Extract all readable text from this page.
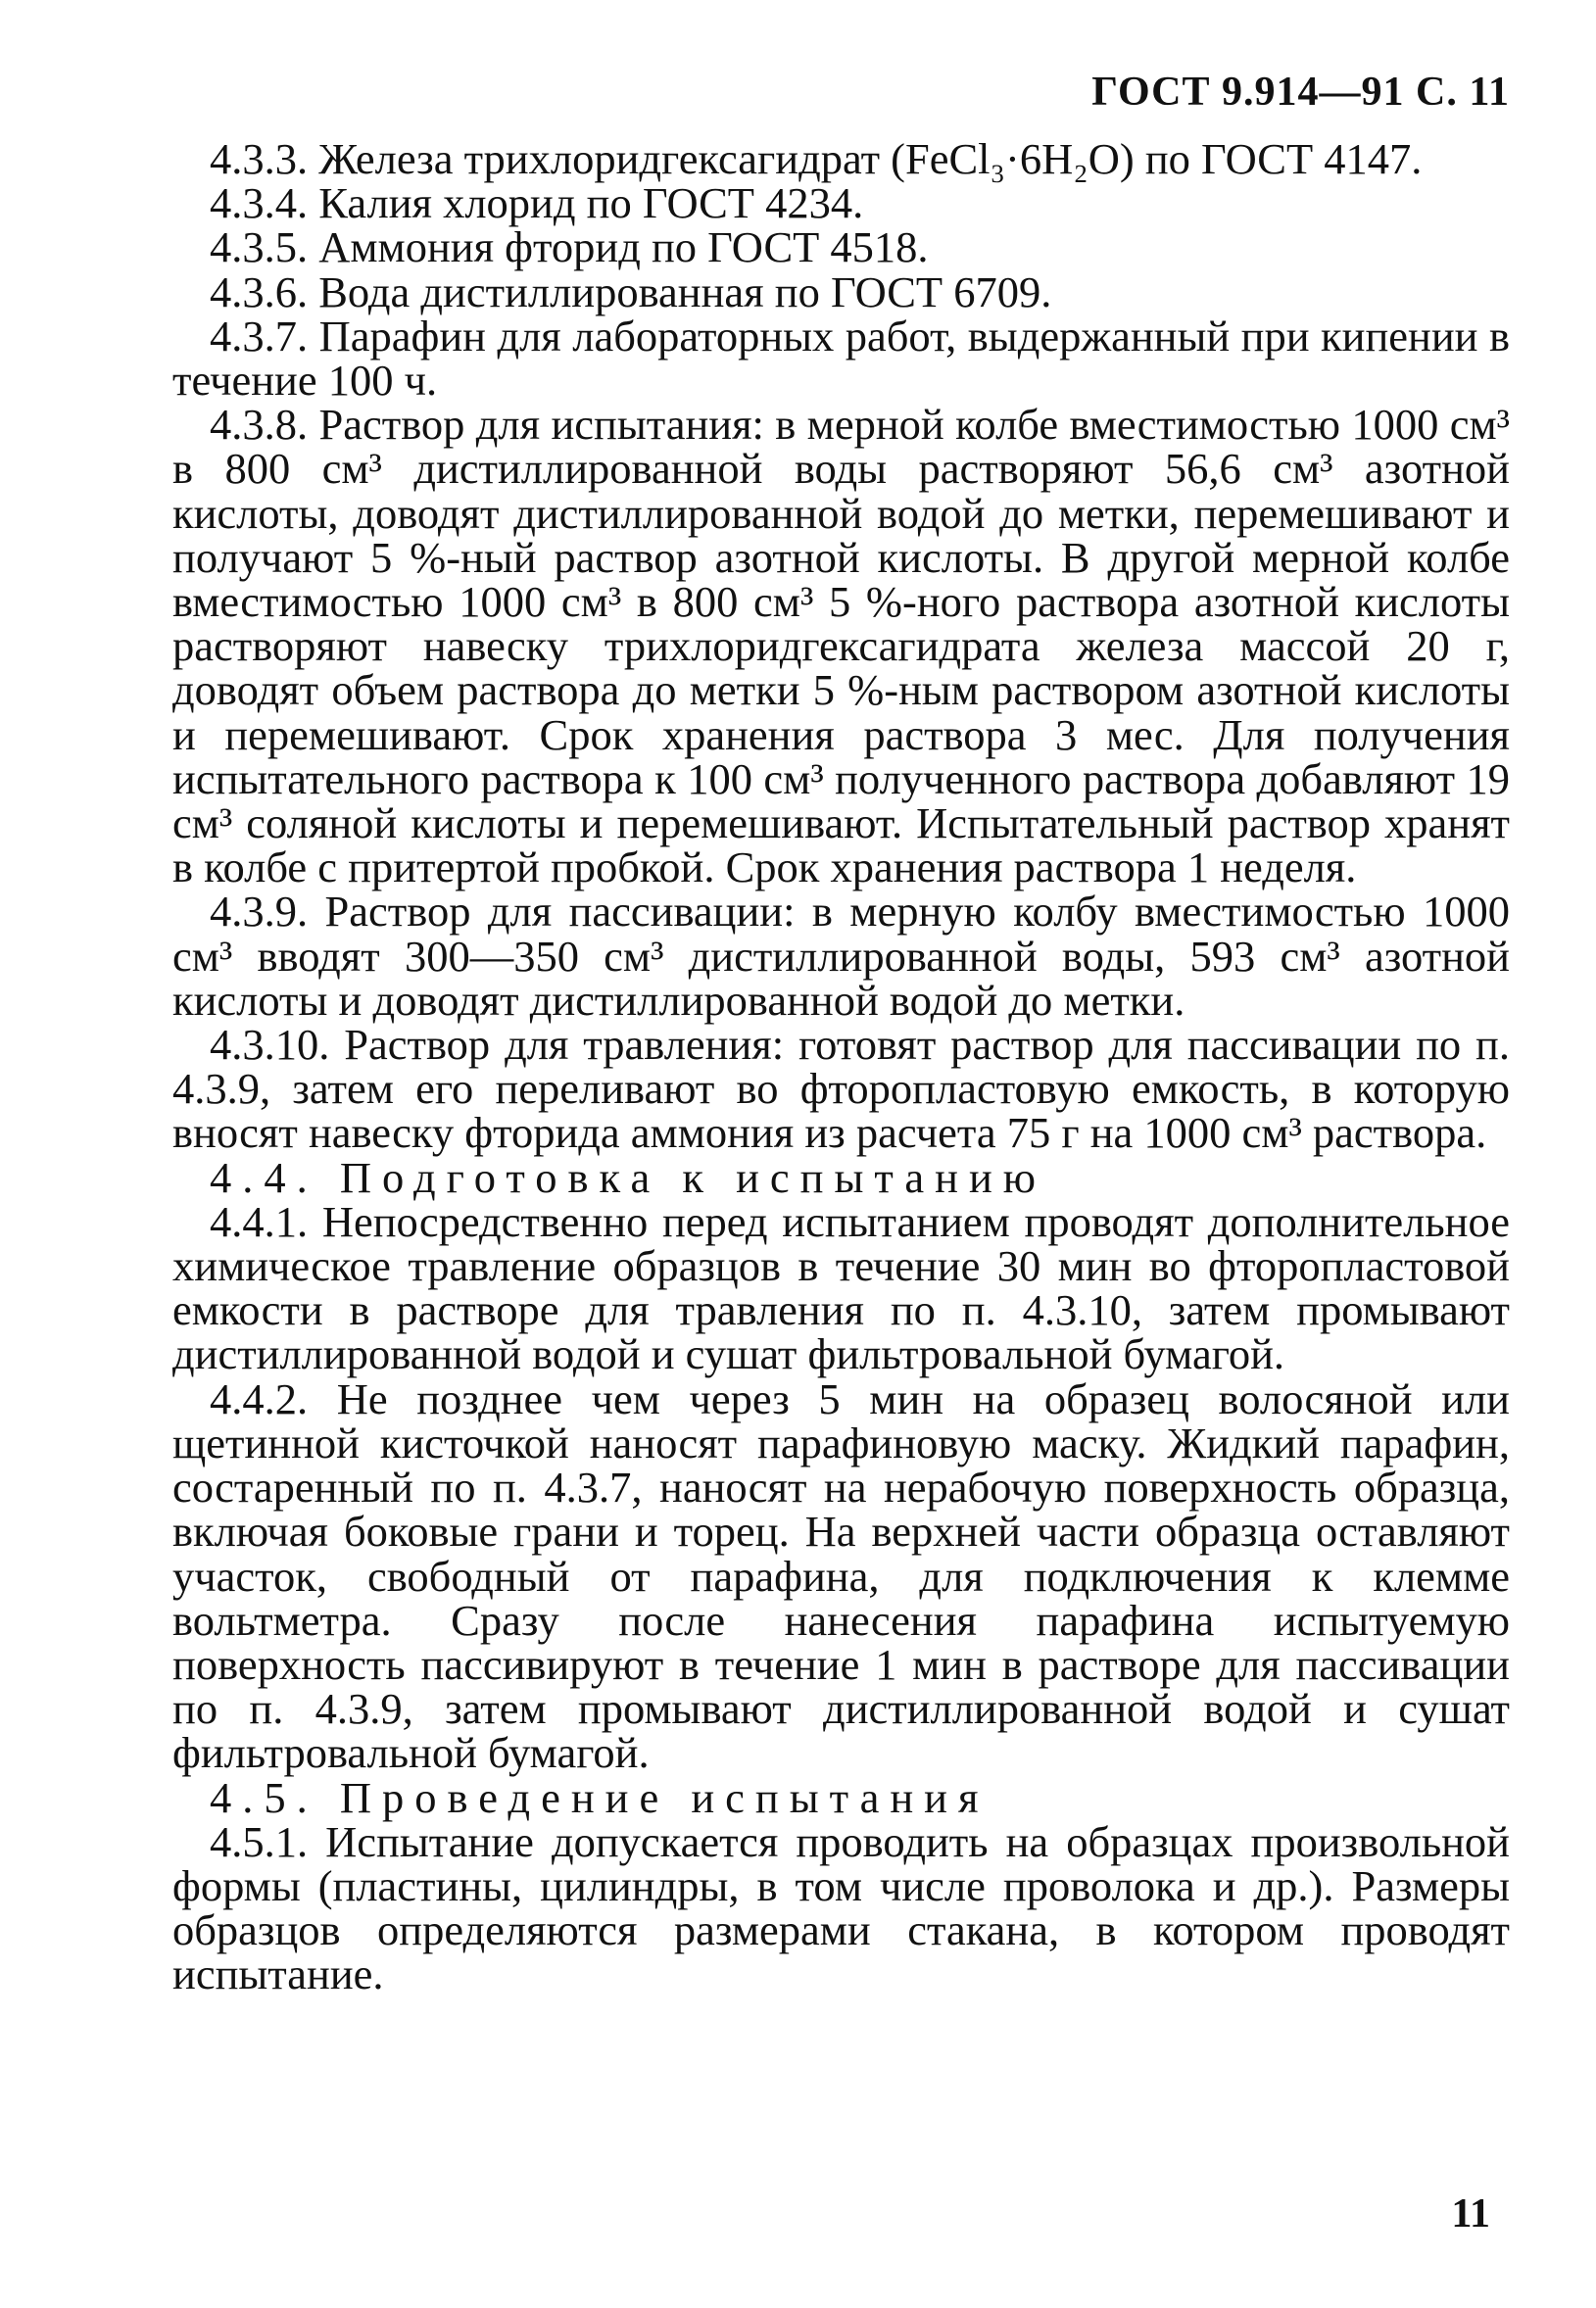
ГОСТ 9.914—91 С. 11

4.3.3. Железа трихлоридгексагидрат (FeCl₃·6H₂O) по ГОСТ 4147.

4.3.4. Калия хлорид по ГОСТ 4234.

4.3.5. Аммония фторид по ГОСТ 4518.

4.3.6. Вода дистиллированная по ГОСТ 6709.

4.3.7. Парафин для лабораторных работ, выдержанный при кипении в течение 100 ч.

4.3.8. Раствор для испытания: в мерной колбе вместимостью 1000 см³ в 800 см³ дистиллированной воды растворяют 56,6 см³ азотной кислоты, доводят дистиллированной водой до метки, перемешивают и получают 5 %-ный раствор азотной кислоты. В другой мерной колбе вместимостью 1000 см³ в 800 см³ 5 %-ного раствора азотной кислоты растворяют навеску трихлоридгексагидрата железа массой 20 г, доводят объем раствора до метки 5 %-ным раствором азотной кислоты и перемешивают. Срок хранения раствора 3 мес. Для получения испытательного раствора к 100 см³ полученного раствора добавляют 19 см³ соляной кислоты и перемешивают. Испытательный раствор хранят в колбе с притертой пробкой. Срок хранения раствора 1 неделя.

4.3.9. Раствор для пассивации: в мерную колбу вместимостью 1000 см³ вводят 300—350 см³ дистиллированной воды, 593 см³ азотной кислоты и доводят дистиллированной водой до метки.

4.3.10. Раствор для травления: готовят раствор для пассивации по п. 4.3.9, затем его переливают во фторопластовую емкость, в которую вносят навеску фторида аммония из расчета 75 г на 1000 см³ раствора.

4.4. Подготовка к испытанию

4.4.1. Непосредственно перед испытанием проводят дополнительное химическое травление образцов в течение 30 мин во фторопластовой емкости в растворе для травления по п. 4.3.10, затем промывают дистиллированной водой и сушат фильтровальной бумагой.

4.4.2. Не позднее чем через 5 мин на образец волосяной или щетинной кисточкой наносят парафиновую маску. Жидкий парафин, состаренный по п. 4.3.7, наносят на нерабочую поверхность образца, включая боковые грани и торец. На верхней части образца оставляют участок, свободный от парафина, для подключения к клемме вольтметра. Сразу после нанесения парафина испытуемую поверхность пассивируют в течение 1 мин в растворе для пассивации по п. 4.3.9, затем промывают дистиллированной водой и сушат фильтровальной бумагой.

4.5. Проведение испытания

4.5.1. Испытание допускается проводить на образцах произвольной формы (пластины, цилиндры, в том числе проволока и др.). Размеры образцов определяются размерами стакана, в котором проводят испытание.

11
